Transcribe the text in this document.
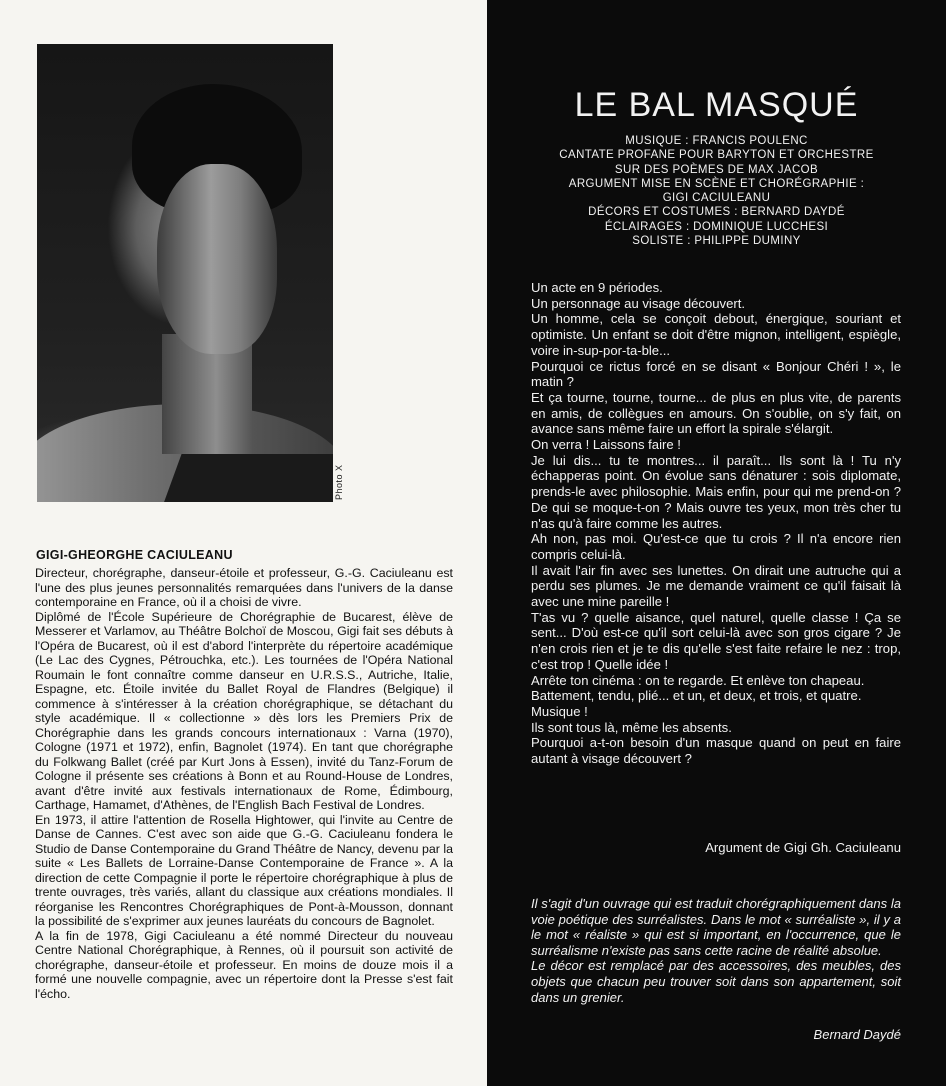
Photo X
GIGI-GHEORGHE CACIULEANU

Directeur, chorégraphe, danseur-étoile et professeur, G.-G. Caciuleanu est l'une des plus jeunes personnalités remarquées dans l'univers de la danse contemporaine en France, où il a choisi de vivre.

Diplômé de l'École Supérieure de Chorégraphie de Bucarest, élève de Messerer et Varlamov, au Théâtre Bolchoï de Moscou, Gigi fait ses débuts à l'Opéra de Bucarest, où il est d'abord l'interprète du répertoire académique (Le Lac des Cygnes, Pétrouchka, etc.). Les tournées de l'Opéra National Roumain le font connaître comme danseur en U.R.S.S., Autriche, Italie, Espagne, etc. Étoile invitée du Ballet Royal de Flandres (Belgique) il commence à s'intéresser à la création chorégraphique, se détachant du style académique. Il « collectionne » dès lors les Premiers Prix de Chorégraphie dans les grands concours internationaux : Varna (1970), Cologne (1971 et 1972), enfin, Bagnolet (1974). En tant que chorégraphe du Folkwang Ballet (créé par Kurt Jons à Essen), invité du Tanz-Forum de Cologne il présente ses créations à Bonn et au Round-House de Londres, avant d'être invité aux festivals internationaux de Rome, Édimbourg, Carthage, Hamamet, d'Athènes, de l'English Bach Festival de Londres.

En 1973, il attire l'attention de Rosella Hightower, qui l'invite au Centre de Danse de Cannes. C'est avec son aide que G.-G. Caciuleanu fondera le Studio de Danse Contemporaine du Grand Théâtre de Nancy, devenu par la suite « Les Ballets de Lorraine-Danse Contemporaine de France ». A la direction de cette Compagnie il porte le répertoire chorégraphique à plus de trente ouvrages, très variés, allant du classique aux créations mondiales. Il réorganise les Rencontres Chorégraphiques de Pont-à-Mousson, donnant la possibilité de s'exprimer aux jeunes lauréats du concours de Bagnolet.

A la fin de 1978, Gigi Caciuleanu a été nommé Directeur du nouveau Centre National Chorégraphique, à Rennes, où il poursuit son activité de chorégraphe, danseur-étoile et professeur. En moins de douze mois il a formé une nouvelle compagnie, avec un répertoire dont la Presse s'est fait l'écho.

LE BAL MASQUÉ
MUSIQUE : FRANCIS POULENC
CANTATE PROFANE POUR BARYTON ET ORCHESTRE
SUR DES POÈMES DE MAX JACOB
ARGUMENT MISE EN SCÈNE ET CHORÉGRAPHIE :
GIGI CACIULEANU
DÉCORS ET COSTUMES : BERNARD DAYDÉ
ÉCLAIRAGES : DOMINIQUE LUCCHESI
SOLISTE : PHILIPPE DUMINY

Un acte en 9 périodes.

Un personnage au visage découvert.

Un homme, cela se conçoit debout, énergique, souriant et optimiste. Un enfant se doit d'être mignon, intelligent, espiègle, voire in-sup-por-ta-ble...

Pourquoi ce rictus forcé en se disant « Bonjour Chéri ! », le matin ?

Et ça tourne, tourne, tourne... de plus en plus vite, de parents en amis, de collègues en amours. On s'oublie, on s'y fait, on avance sans même faire un effort la spirale s'élargit.

On verra ! Laissons faire !

Je lui dis... tu te montres... il paraît... Ils sont là ! Tu n'y échapperas point. On évolue sans dénaturer : sois diplomate, prends-le avec philosophie. Mais enfin, pour qui me prend-on ? De qui se moque-t-on ? Mais ouvre tes yeux, mon très cher tu n'as qu'à faire comme les autres.

Ah non, pas moi. Qu'est-ce que tu crois ? Il n'a encore rien compris celui-là.

Il avait l'air fin avec ses lunettes. On dirait une autruche qui a perdu ses plumes. Je me demande vraiment ce qu'il faisait là avec une mine pareille !

T'as vu ? quelle aisance, quel naturel, quelle classe ! Ça se sent... D'où est-ce qu'il sort celui-là avec son gros cigare ? Je n'en crois rien et je te dis qu'elle s'est faite refaire le nez : trop, c'est trop ! Quelle idée !

Arrête ton cinéma : on te regarde. Et enlève ton chapeau.

Battement, tendu, plié... et un, et deux, et trois, et quatre.

Musique !

Ils sont tous là, même les absents.

Pourquoi a-t-on besoin d'un masque quand on peut en faire autant à visage découvert ?

Argument de Gigi Gh. Caciuleanu

Il s'agit d'un ouvrage qui est traduit chorégraphiquement dans la voie poétique des surréalistes. Dans le mot « surréaliste », il y a le mot « réaliste » qui est si important, en l'occurrence, que le surréalisme n'existe pas sans cette racine de réalité absolue.

Le décor est remplacé par des accessoires, des meubles, des objets que chacun peu trouver soit dans son appartement, soit dans un grenier.

Bernard Daydé
